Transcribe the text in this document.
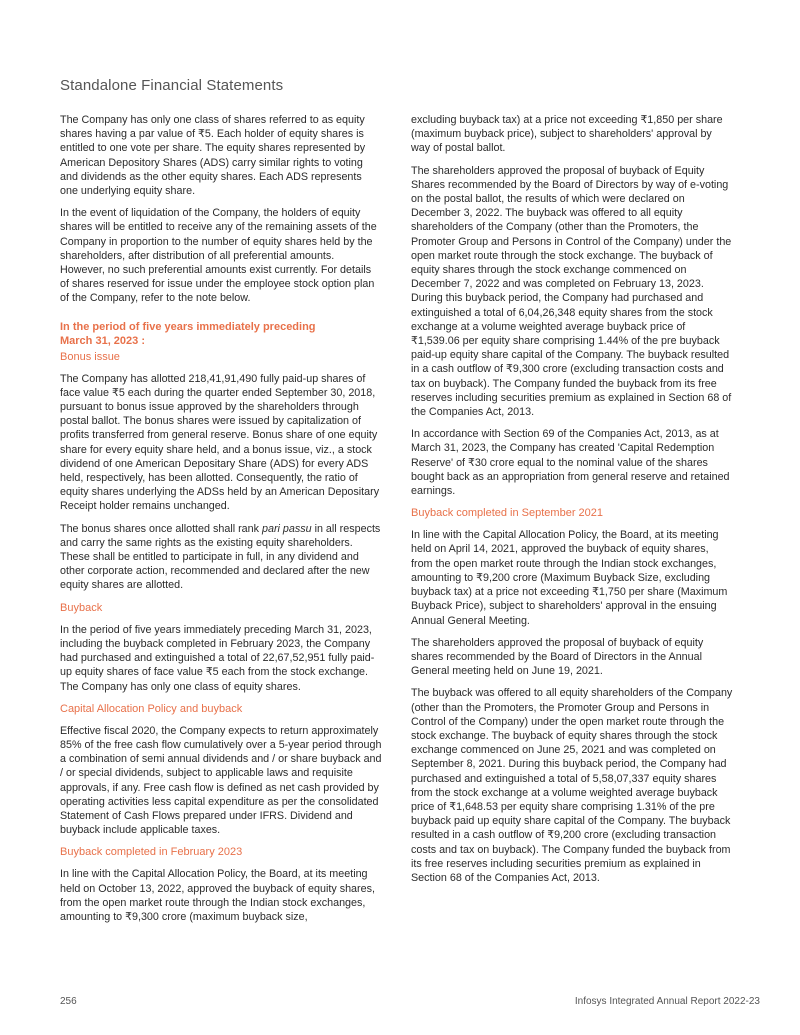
Standalone Financial Statements

The Company has only one class of shares referred to as equity shares having a par value of ₹5. Each holder of equity shares is entitled to one vote per share. The equity shares represented by American Depository Shares (ADS) carry similar rights to voting and dividends as the other equity shares. Each ADS represents one underlying equity share.

In the event of liquidation of the Company, the holders of equity shares will be entitled to receive any of the remaining assets of the Company in proportion to the number of equity shares held by the shareholders, after distribution of all preferential amounts. However, no such preferential amounts exist currently. For details of shares reserved for issue under the employee stock option plan of the Company, refer to the note below.

In the period of five years immediately preceding
March 31, 2023 :
Bonus issue

The Company has allotted 218,41,91,490 fully paid-up shares of face value ₹5 each during the quarter ended September 30, 2018, pursuant to bonus issue approved by the shareholders through postal ballot. The bonus shares were issued by capitalization of profits transferred from general reserve. Bonus share of one equity share for every equity share held, and a bonus issue, viz., a stock dividend of one American Depositary Share (ADS) for every ADS held, respectively, has been allotted. Consequently, the ratio of equity shares underlying the ADSs held by an American Depositary Receipt holder remains unchanged.

The bonus shares once allotted shall rank pari passu in all respects and carry the same rights as the existing equity shareholders. These shall be entitled to participate in full, in any dividend and other corporate action, recommended and declared after the new equity shares are allotted.

Buyback

In the period of five years immediately preceding March 31, 2023, including the buyback completed in February 2023, the Company had purchased and extinguished a total of 22,67,52,951 fully paid-up equity shares of face value ₹5 each from the stock exchange. The Company has only one class of equity shares.

Capital Allocation Policy and buyback

Effective fiscal 2020, the Company expects to return approximately 85% of the free cash flow cumulatively over a 5-year period through a combination of semi annual dividends and / or share buyback and / or special dividends, subject to applicable laws and requisite approvals, if any. Free cash flow is defined as net cash provided by operating activities less capital expenditure as per the consolidated Statement of Cash Flows prepared under IFRS. Dividend and buyback include applicable taxes.

Buyback completed in February 2023

In line with the Capital Allocation Policy, the Board, at its meeting held on October 13, 2022, approved the buyback of equity shares, from the open market route through the Indian stock exchanges, amounting to ₹9,300 crore (maximum buyback size,

excluding buyback tax) at a price not exceeding ₹1,850 per share (maximum buyback price), subject to shareholders' approval by way of postal ballot.

The shareholders approved the proposal of buyback of Equity Shares recommended by the Board of Directors by way of e-voting on the postal ballot, the results of which were declared on December 3, 2022. The buyback was offered to all equity shareholders of the Company (other than the Promoters, the Promoter Group and Persons in Control of the Company) under the open market route through the stock exchange. The buyback of equity shares through the stock exchange commenced on December 7, 2022 and was completed on February 13, 2023. During this buyback period, the Company had purchased and extinguished a total of 6,04,26,348 equity shares from the stock exchange at a volume weighted average buyback price of ₹1,539.06 per equity share comprising 1.44% of the pre buyback paid-up equity share capital of the Company. The buyback resulted in a cash outflow of ₹9,300 crore (excluding transaction costs and tax on buyback). The Company funded the buyback from its free reserves including securities premium as explained in Section 68 of the Companies Act, 2013.

In accordance with Section 69 of the Companies Act, 2013, as at March 31, 2023, the Company has created 'Capital Redemption Reserve' of ₹30 crore equal to the nominal value of the shares bought back as an appropriation from general reserve and retained earnings.

Buyback completed in September 2021

In line with the Capital Allocation Policy, the Board, at its meeting held on April 14, 2021, approved the buyback of equity shares, from the open market route through the Indian stock exchanges, amounting to ₹9,200 crore (Maximum Buyback Size, excluding buyback tax) at a price not exceeding ₹1,750 per share (Maximum Buyback Price), subject to shareholders' approval in the ensuing Annual General Meeting.

The shareholders approved the proposal of buyback of equity shares recommended by the Board of Directors in the Annual General meeting held on June 19, 2021.

The buyback was offered to all equity shareholders of the Company (other than the Promoters, the Promoter Group and Persons in Control of the Company) under the open market route through the stock exchange. The buyback of equity shares through the stock exchange commenced on June 25, 2021 and was completed on September 8, 2021. During this buyback period, the Company had purchased and extinguished a total of 5,58,07,337 equity shares from the stock exchange at a volume weighted average buyback price of ₹1,648.53 per equity share comprising 1.31% of the pre buyback paid up equity share capital of the Company. The buyback resulted in a cash outflow of ₹9,200 crore (excluding transaction costs and tax on buyback). The Company funded the buyback from its free reserves including securities premium as explained in Section 68 of the Companies Act, 2013.

256	Infosys Integrated Annual Report 2022-23
